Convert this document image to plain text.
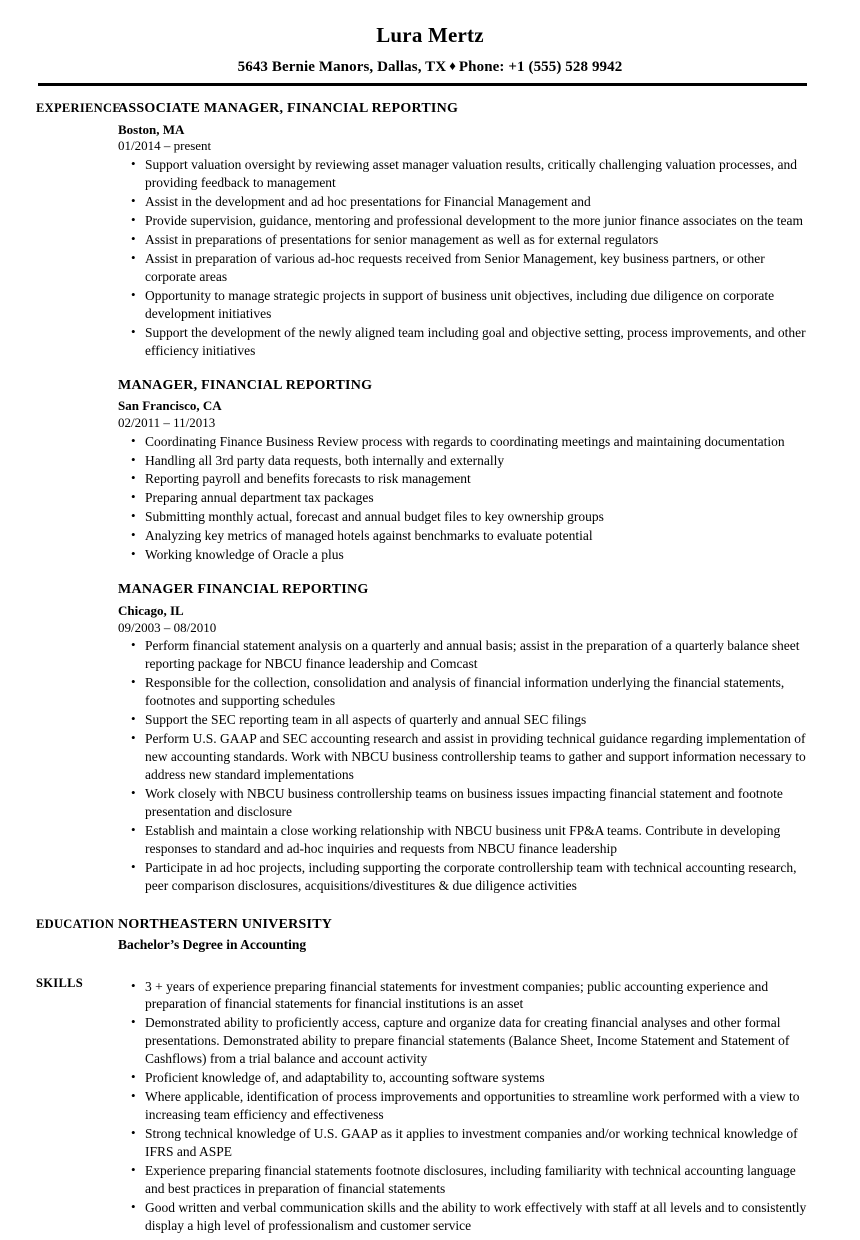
Lura Mertz
5643 Bernie Manors, Dallas, TX ♦ Phone: +1 (555) 528 9942
EXPERIENCE
ASSOCIATE MANAGER, FINANCIAL REPORTING
Boston, MA
01/2014 – present
• Support valuation oversight by reviewing asset manager valuation results, critically challenging valuation processes, and providing feedback to management
• Assist in the development and ad hoc presentations for Financial Management and
• Provide supervision, guidance, mentoring and professional development to the more junior finance associates on the team
• Assist in preparations of presentations for senior management as well as for external regulators
• Assist in preparation of various ad-hoc requests received from Senior Management, key business partners, or other corporate areas
• Opportunity to manage strategic projects in support of business unit objectives, including due diligence on corporate development initiatives
• Support the development of the newly aligned team including goal and objective setting, process improvements, and other efficiency initiatives
MANAGER, FINANCIAL REPORTING
San Francisco, CA
02/2011 – 11/2013
• Coordinating Finance Business Review process with regards to coordinating meetings and maintaining documentation
• Handling all 3rd party data requests, both internally and externally
• Reporting payroll and benefits forecasts to risk management
• Preparing annual department tax packages
• Submitting monthly actual, forecast and annual budget files to key ownership groups
• Analyzing key metrics of managed hotels against benchmarks to evaluate potential
• Working knowledge of Oracle a plus
MANAGER FINANCIAL REPORTING
Chicago, IL
09/2003 – 08/2010
• Perform financial statement analysis on a quarterly and annual basis; assist in the preparation of a quarterly balance sheet reporting package for NBCU finance leadership and Comcast
• Responsible for the collection, consolidation and analysis of financial information underlying the financial statements, footnotes and supporting schedules
• Support the SEC reporting team in all aspects of quarterly and annual SEC filings
• Perform U.S. GAAP and SEC accounting research and assist in providing technical guidance regarding implementation of new accounting standards. Work with NBCU business controllership teams to gather and support information necessary to address new standard implementations
• Work closely with NBCU business controllership teams on business issues impacting financial statement and footnote presentation and disclosure
• Establish and maintain a close working relationship with NBCU business unit FP&A teams. Contribute in developing responses to standard and ad-hoc inquiries and requests from NBCU finance leadership
• Participate in ad hoc projects, including supporting the corporate controllership team with technical accounting research, peer comparison disclosures, acquisitions/divestitures & due diligence activities
EDUCATION NORTHEASTERN UNIVERSITY
Bachelor’s Degree in Accounting
SKILLS	• 3 + years of experience preparing financial statements for investment companies; public accounting experience and preparation of financial statements for financial institutions is an asset
• Demonstrated ability to proficiently access, capture and organize data for creating financial analyses and other formal presentations. Demonstrated ability to prepare financial statements (Balance Sheet, Income Statement and Statement of Cashflows) from a trial balance and account activity
• Proficient knowledge of, and adaptability to, accounting software systems
• Where applicable, identification of process improvements and opportunities to streamline work performed with a view to increasing team efficiency and effectiveness
• Strong technical knowledge of U.S. GAAP as it applies to investment companies and/or working technical knowledge of IFRS and ASPE
• Experience preparing financial statements footnote disclosures, including familiarity with technical accounting language and best practices in preparation of financial statements
• Good written and verbal communication skills and the ability to work effectively with staff at all levels and to consistently display a high level of professionalism and customer service
